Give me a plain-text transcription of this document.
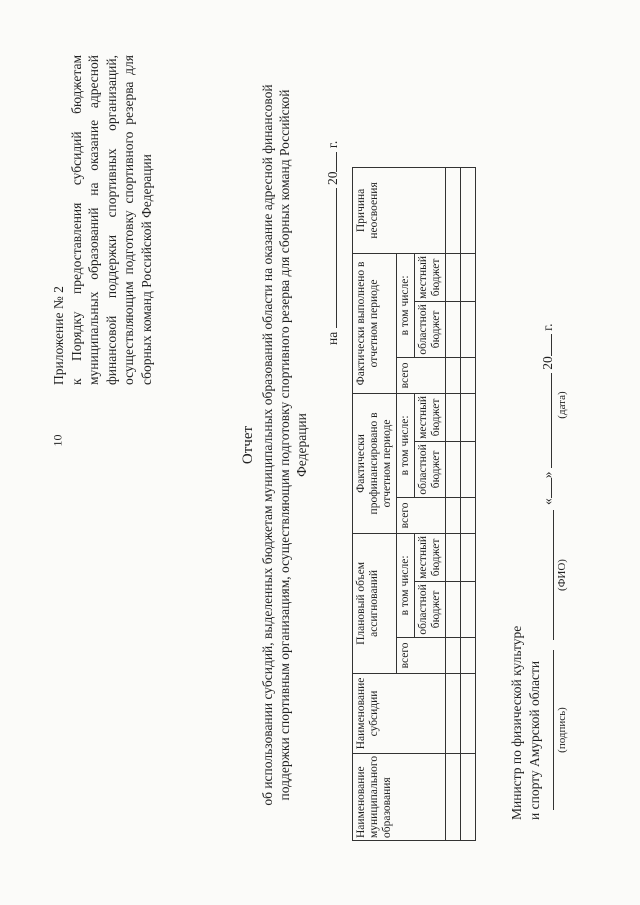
10
Приложение № 2 к Порядку предоставления субсидий бюджетам муниципальных образований на оказание адресной финансовой поддержки спортивных организаций, осуществляющим подготовку спортивного резерва для сборных команд Российской Федерации
Отчет об использовании субсидий, выделенных бюджетам муниципальных образований области на оказание адресной финансовой поддержки спортивным организациям, осуществляющим подготовку спортивного резерва для сборных команд Российской Федерации
на  20 г.
Наименование муниципального образования	Наименование субсидии	Плановый объем ассигнований			Фактически профинансировано в отчетном периоде			Фактически выполнено в отчетном периоде			Причина неосвоения
		всего	в том числе:		всего	в том числе:		всего	в том числе:		
			областной бюджет	местный бюджет		областной бюджет	местный бюджет		областной бюджет	местный бюджет	

Министр по физической культуре и спорту Амурской области (подпись)
(ФИО)
«»  20 г.
(дата)
